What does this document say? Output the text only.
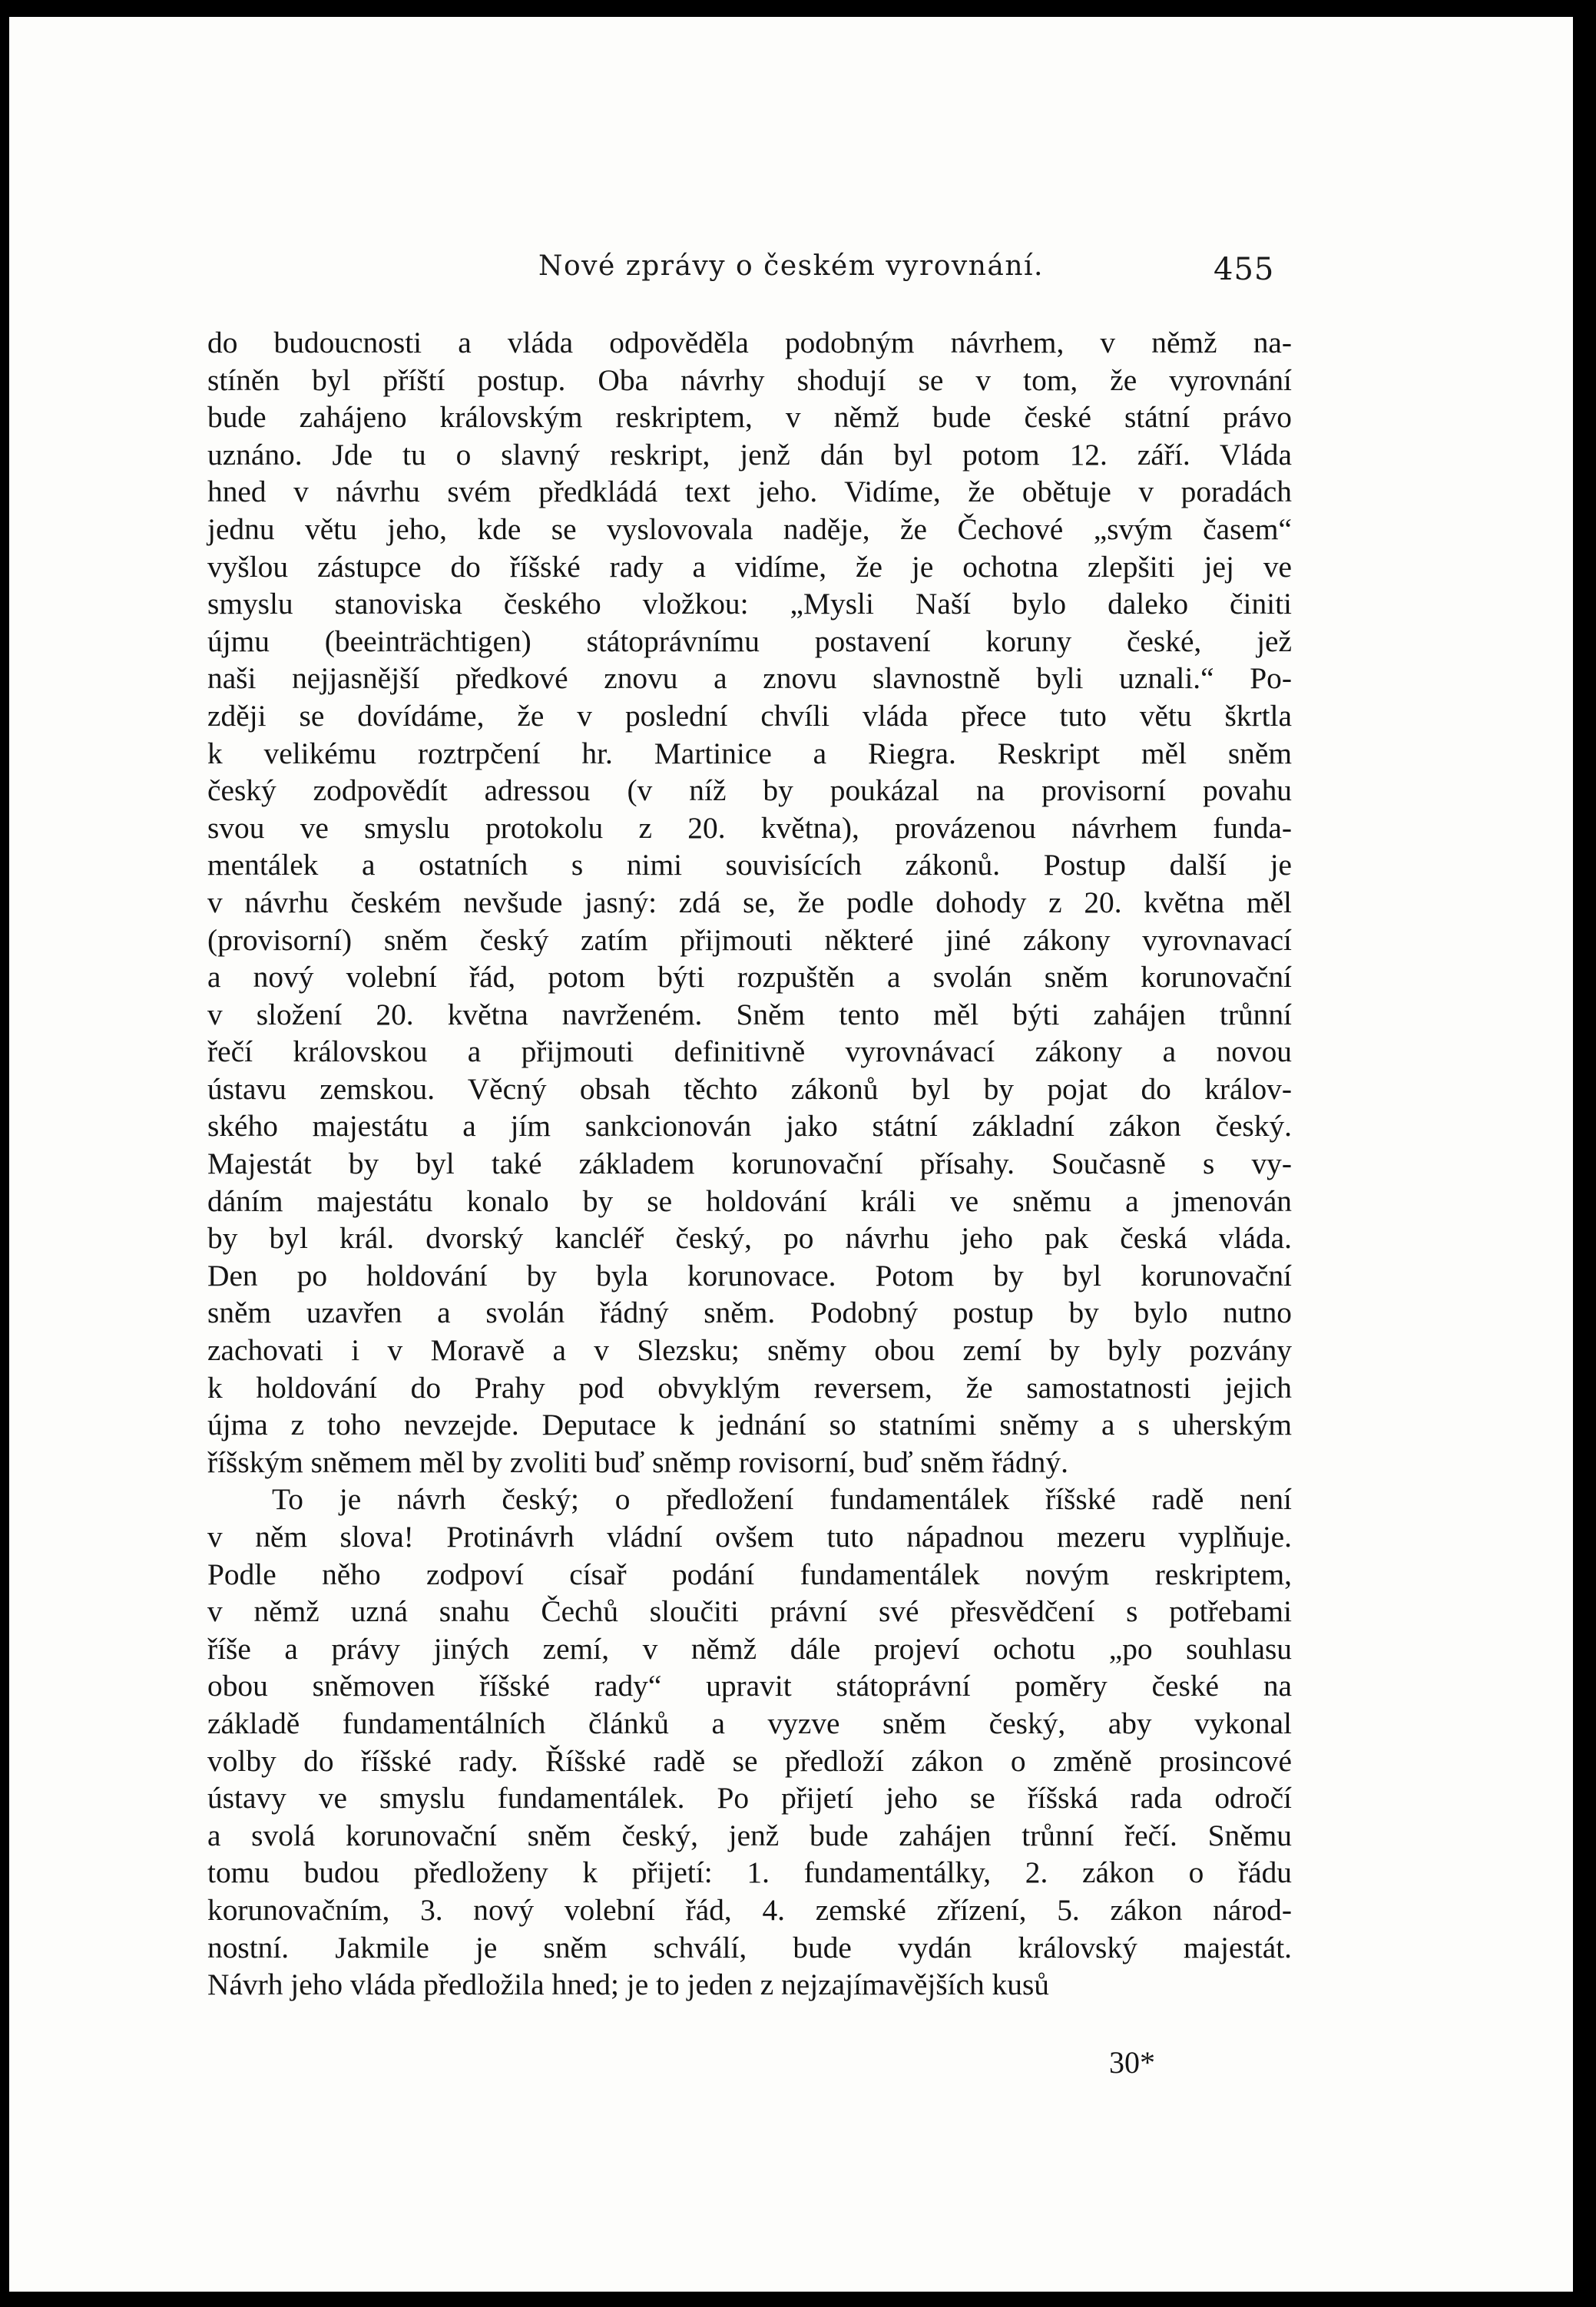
Nové zprávy o českém vyrovnání.	455
do budoucnosti a vláda odpověděla podobným návrhem, v němž na-
stíněn byl příští postup. Oba návrhy shodují se v tom, že vyrovnání
bude zahájeno královským reskriptem, v němž bude české státní právo
uznáno. Jde tu o slavný reskript, jenž dán byl potom 12. září. Vláda
hned v návrhu svém předkládá text jeho. Vidíme, že obětuje v poradách
jednu větu jeho, kde se vyslovovala naděje, že Čechové „svým časem“
vyšlou zástupce do říšské rady a vidíme, že je ochotna zlepšiti jej ve
smyslu stanoviska českého vložkou: „Mysli Naší bylo daleko činiti
újmu (beeinträchtigen) státoprávnímu postavení koruny české, jež
naši nejjasnější předkové znovu a znovu slavnostně byli uznali.“ Po-
zději se dovídáme, že v poslední chvíli vláda přece tuto větu škrtla
k velikému roztrpčení hr. Martinice a Riegra. Reskript měl sněm
český zodpovědít adressou (v níž by poukázal na provisorní povahu
svou ve smyslu protokolu z 20. května), provázenou návrhem funda-
mentálek a ostatních s nimi souvisících zákonů. Postup další je
v návrhu českém nevšude jasný: zdá se, že podle dohody z 20. května měl
(provisorní) sněm český zatím přijmouti některé jiné zákony vyrovnavací
a nový volební řád, potom býti rozpuštěn a svolán sněm korunovační
v složení 20. května navrženém. Sněm tento měl býti zahájen trůnní
řečí královskou a přijmouti definitivně vyrovnávací zákony a novou
ústavu zemskou. Věcný obsah těchto zákonů byl by pojat do králov-
ského majestátu a jím sankcionován jako státní základní zákon český.
Majestát by byl také základem korunovační přísahy. Současně s vy-
dáním majestátu konalo by se holdování králi ve sněmu a jmenován
by byl král. dvorský kancléř český, po návrhu jeho pak česká vláda.
Den po holdování by byla korunovace. Potom by byl korunovační
sněm uzavřen a svolán řádný sněm. Podobný postup by bylo nutno
zachovati i v Moravě a v Slezsku; sněmy obou zemí by byly pozvány
k holdování do Prahy pod obvyklým reversem, že samostatnosti jejich
újma z toho nevzejde. Deputace k jednání so statními sněmy a s uherským
říšským sněmem měl by zvoliti buď sněmp rovisorní, buď sněm řádný.
To je návrh český; o předložení fundamentálek říšské radě není
v něm slova! Protinávrh vládní ovšem tuto nápadnou mezeru vyplňuje.
Podle něho zodpoví císař podání fundamentálek novým reskriptem,
v němž uzná snahu Čechů sloučiti právní své přesvědčení s potřebami
říše a právy jiných zemí, v němž dále projeví ochotu „po souhlasu
obou sněmoven říšské rady“ upravit státoprávní poměry české na
základě fundamentálních článků a vyzve sněm český, aby vykonal
volby do říšské rady. Říšské radě se předloží zákon o změně prosincové
ústavy ve smyslu fundamentálek. Po přijetí jeho se říšská rada odročí
a svolá korunovační sněm český, jenž bude zahájen trůnní řečí. Sněmu
tomu budou předloženy k přijetí: 1. fundamentálky, 2. zákon o řádu
korunovačním, 3. nový volební řád, 4. zemské zřízení, 5. zákon národ-
nostní. Jakmile je sněm schválí, bude vydán královský majestát.
Návrh jeho vláda předložila hned; je to jeden z nejzajímavějších kusů
30*
